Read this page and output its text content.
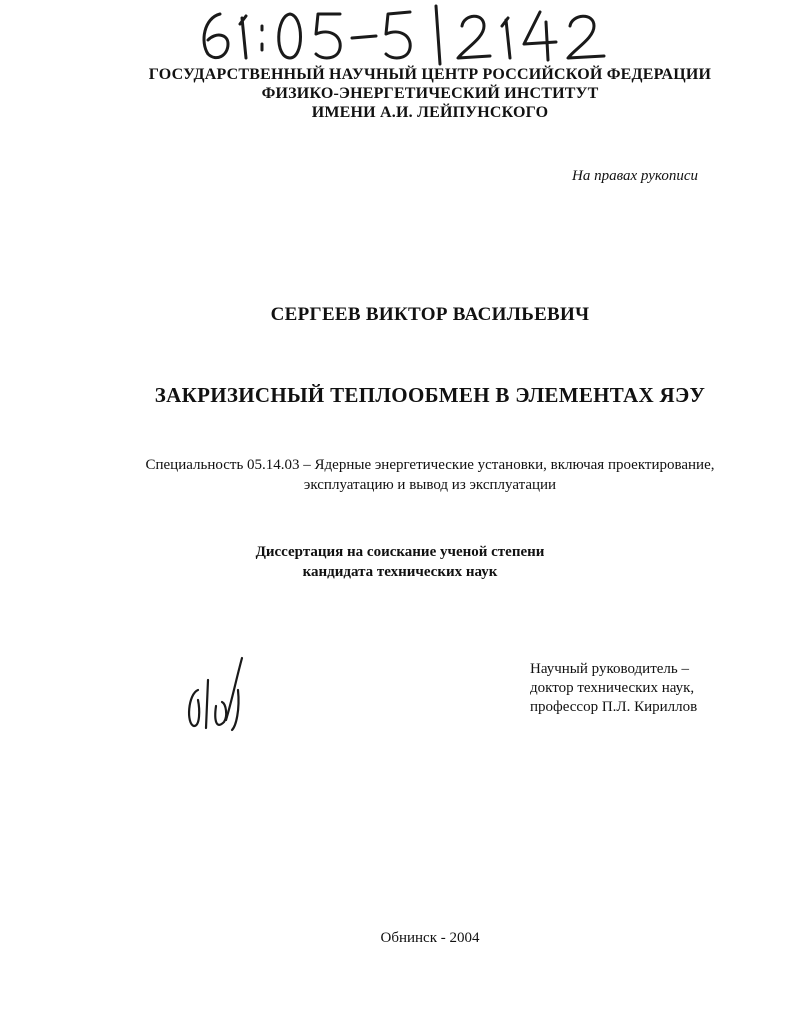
ГОСУДАРСТВЕННЫЙ НАУЧНЫЙ ЦЕНТР РОССИЙСКОЙ ФЕДЕРАЦИИ
ФИЗИКО-ЭНЕРГЕТИЧЕСКИЙ ИНСТИТУТ
ИМЕНИ А.И. ЛЕЙПУНСКОГО
На правах рукописи
СЕРГЕЕВ ВИКТОР ВАСИЛЬЕВИЧ
ЗАКРИЗИСНЫЙ ТЕПЛООБМЕН В ЭЛЕМЕНТАХ ЯЭУ
Специальность 05.14.03 – Ядерные энергетические установки, включая проектирование,
эксплуатацию и вывод из эксплуатации
Диссертация на соискание ученой степени
кандидата технических наук
Научный руководитель –
доктор технических наук,
профессор П.Л. Кириллов
Обнинск - 2004
